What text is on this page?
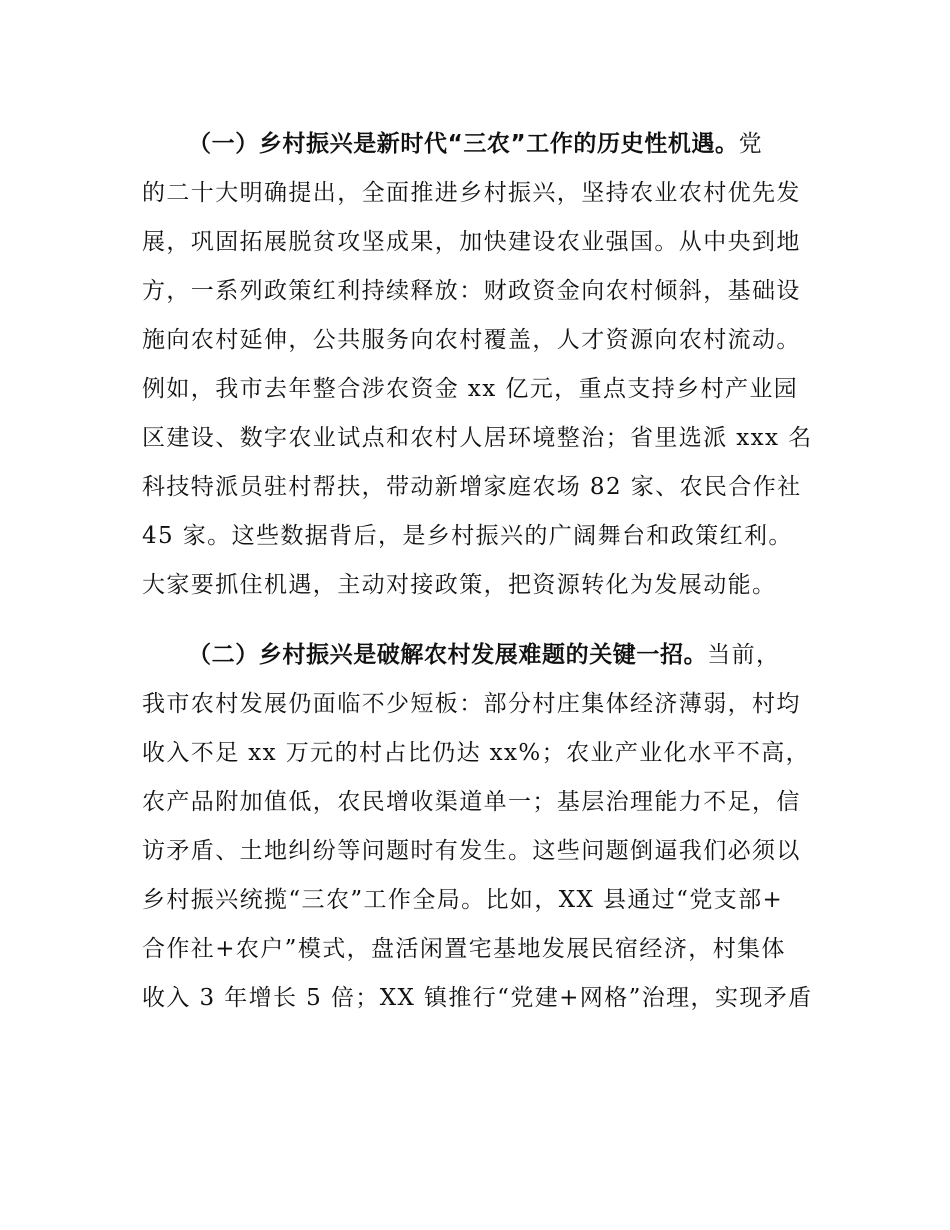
（一）乡村振兴是新时代“三农”工作的历史性机遇。党
的二十大明确提出，全面推进乡村振兴，坚持农业农村优先发
展，巩固拓展脱贫攻坚成果，加快建设农业强国。从中央到地
方，一系列政策红利持续释放：财政资金向农村倾斜，基础设
施向农村延伸，公共服务向农村覆盖，人才资源向农村流动。
例如，我市去年整合涉农资金 xx 亿元，重点支持乡村产业园
区建设、数字农业试点和农村人居环境整治；省里选派 xxx 名
科技特派员驻村帮扶，带动新增家庭农场 82 家、农民合作社
45 家。这些数据背后，是乡村振兴的广阔舞台和政策红利。
大家要抓住机遇，主动对接政策，把资源转化为发展动能。
（二）乡村振兴是破解农村发展难题的关键一招。当前，
我市农村发展仍面临不少短板：部分村庄集体经济薄弱，村均
收入不足 xx 万元的村占比仍达 xx%；农业产业化水平不高，
农产品附加值低，农民增收渠道单一；基层治理能力不足，信
访矛盾、土地纠纷等问题时有发生。这些问题倒逼我们必须以
乡村振兴统揽“三农”工作全局。比如，XX 县通过“党支部+
合作社+农户”模式，盘活闲置宅基地发展民宿经济，村集体
收入 3 年增长 5 倍；XX 镇推行“党建+网格”治理，实现矛盾
